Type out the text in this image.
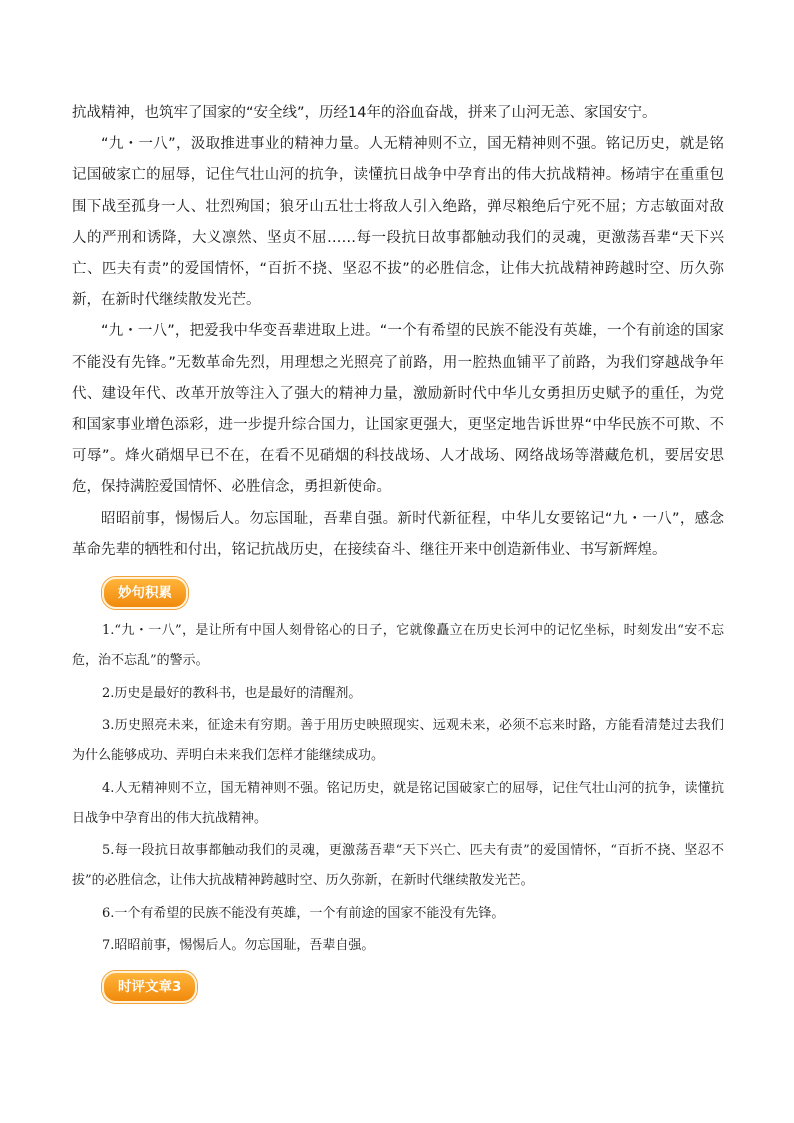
抗战精神，也筑牢了国家的“安全线”，历经14年的浴血奋战，拼来了山河无恙、家国安宁。

“九・一八”，汲取推进事业的精神力量。人无精神则不立，国无精神则不强。铭记历史，就是铭记国破家亡的屈辱，记住气壮山河的抗争，读懂抗日战争中孕育出的伟大抗战精神。杨靖宇在重重包围下战至孤身一人、壮烈殉国；狼牙山五壮士将敌人引入绝路，弹尽粮绝后宁死不屈；方志敏面对敌人的严刑和诱降，大义凛然、坚贞不屈……每一段抗日故事都触动我们的灵魂，更激荡吾辈“天下兴亡、匹夫有责”的爱国情怀，“百折不挠、坚忍不拔”的必胜信念，让伟大抗战精神跨越时空、历久弥新，在新时代继续散发光芒。

“九・一八”，把爱我中华变吾辈进取上进。“一个有希望的民族不能没有英雄，一个有前途的国家不能没有先锋。”无数革命先烈，用理想之光照亮了前路，用一腔热血铺平了前路，为我们穿越战争年代、建设年代、改革开放等注入了强大的精神力量，激励新时代中华儿女勇担历史赋予的重任，为党和国家事业增色添彩，进一步提升综合国力，让国家更强大，更坚定地告诉世界“中华民族不可欺、不可辱”。烽火硝烟早已不在，在看不见硝烟的科技战场、人才战场、网络战场等潜藏危机，要居安思危，保持满腔爱国情怀、必胜信念，勇担新使命。

昭昭前事，惕惕后人。勿忘国耻，吾辈自强。新时代新征程，中华儿女要铭记“九・一八”，感念革命先辈的牺牲和付出，铭记抗战历史，在接续奋斗、继往开来中创造新伟业、书写新辉煌。

妙句积累

1.“九・一八”，是让所有中国人刻骨铭心的日子，它就像矗立在历史长河中的记忆坐标，时刻发出“安不忘危，治不忘乱”的警示。

2.历史是最好的教科书，也是最好的清醒剂。

3.历史照亮未来，征途未有穷期。善于用历史映照现实、远观未来，必须不忘来时路，方能看清楚过去我们为什么能够成功、弄明白未来我们怎样才能继续成功。

4.人无精神则不立，国无精神则不强。铭记历史，就是铭记国破家亡的屈辱，记住气壮山河的抗争，读懂抗日战争中孕育出的伟大抗战精神。

5.每一段抗日故事都触动我们的灵魂，更激荡吾辈“天下兴亡、匹夫有责”的爱国情怀，“百折不挠、坚忍不拔”的必胜信念，让伟大抗战精神跨越时空、历久弥新，在新时代继续散发光芒。

6.一个有希望的民族不能没有英雄，一个有前途的国家不能没有先锋。

7.昭昭前事，惕惕后人。勿忘国耻，吾辈自强。

时评文章3
